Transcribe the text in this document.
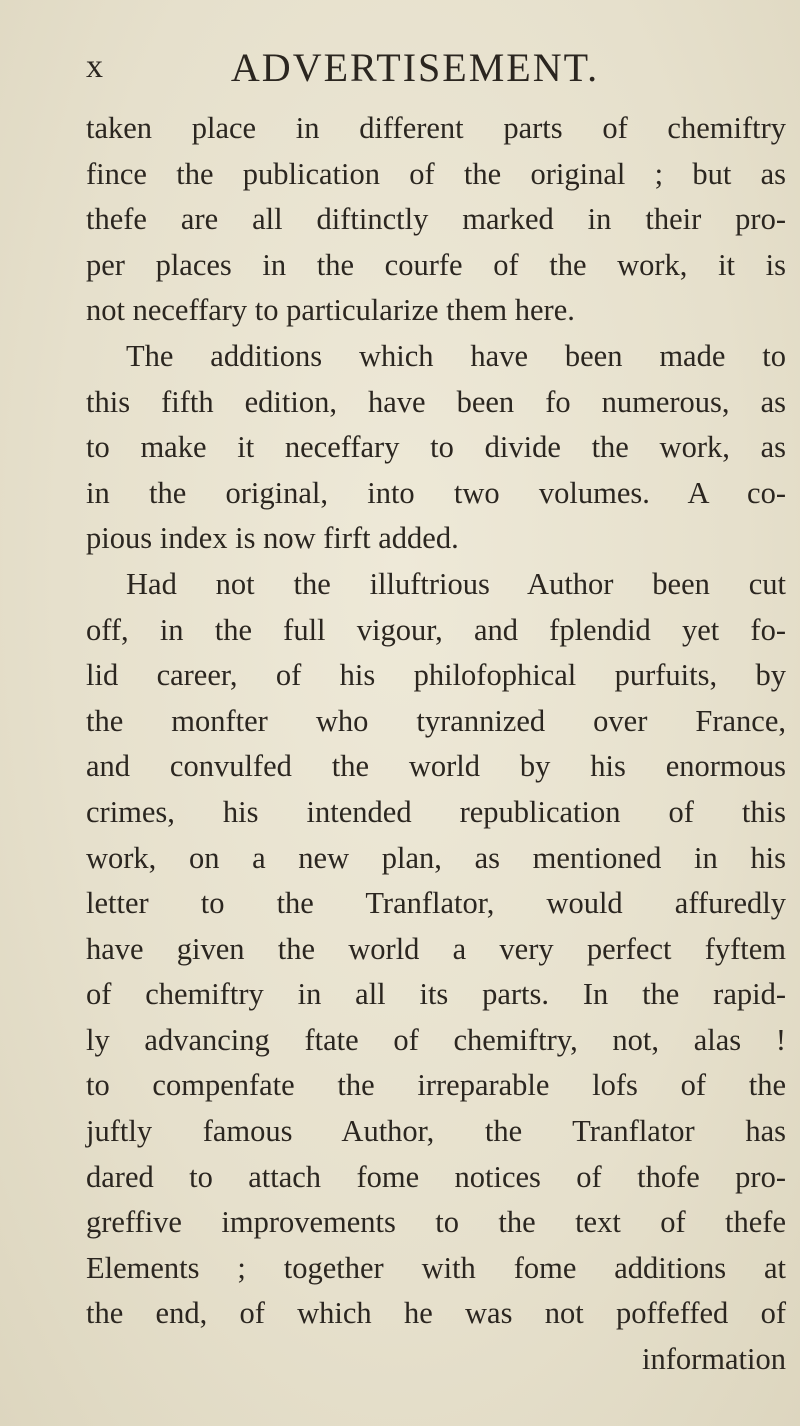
x	ADVERTISEMENT.
taken place in different parts of chemiftry
fince the publication of the original ; but as
thefe are all diftinctly marked in their pro-
per places in the courfe of the work, it is
not neceffary to particularize them here.
The additions which have been made to
this fifth edition, have been fo numerous, as
to make it neceffary to divide the work, as
in the original, into two volumes. A co-
pious index is now firft added.
Had not the illuftrious Author been cut
off, in the full vigour, and fplendid yet fo-
lid career, of his philofophical purfuits, by
the monfter who tyrannized over France,
and convulfed the world by his enormous
crimes, his intended republication of this
work, on a new plan, as mentioned in his
letter to the Tranflator, would affuredly
have given the world a very perfect fyftem
of chemiftry in all its parts. In the rapid-
ly advancing ftate of chemiftry, not, alas !
to compenfate the irreparable lofs of the
juftly famous Author, the Tranflator has
dared to attach fome notices of thofe pro-
greffive improvements to the text of thefe
Elements ; together with fome additions at
the end, of which he was not poffeffed of
information
